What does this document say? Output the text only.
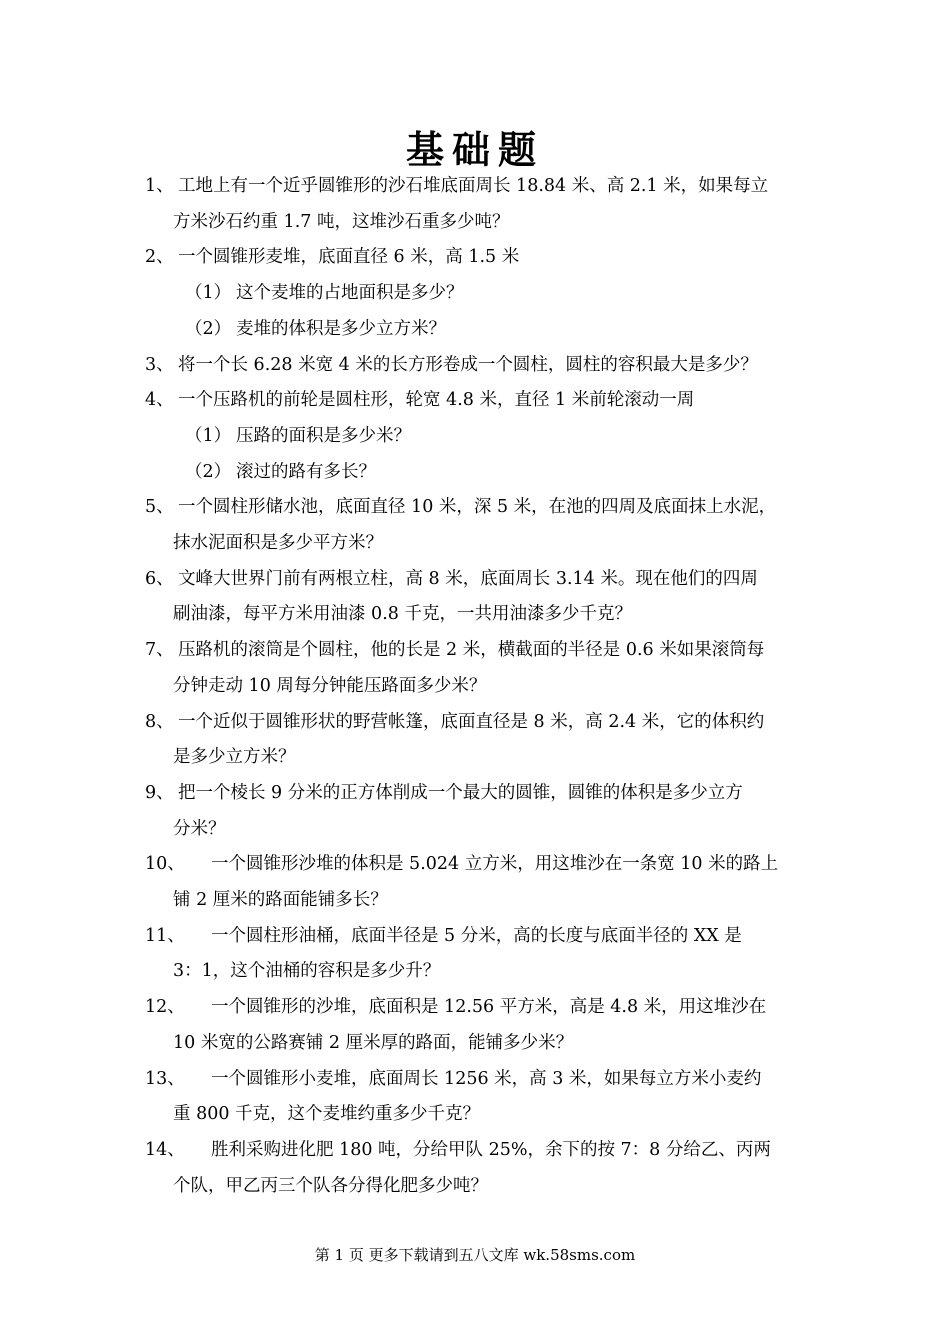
基础题
1、 工地上有一个近乎圆锥形的沙石堆底面周长 18.84 米、高 2.1 米，如果每立
方米沙石约重 1.7 吨，这堆沙石重多少吨？
2、 一个圆锥形麦堆，底面直径 6 米，高 1.5 米
（1） 这个麦堆的占地面积是多少？
（2） 麦堆的体积是多少立方米？
3、 将一个长 6.28 米宽 4 米的长方形卷成一个圆柱，圆柱的容积最大是多少？
4、 一个压路机的前轮是圆柱形，轮宽 4.8 米，直径 1 米前轮滚动一周
（1） 压路的面积是多少米？
（2） 滚过的路有多长？
5、 一个圆柱形储水池，底面直径 10 米，深 5 米，在池的四周及底面抹上水泥，
抹水泥面积是多少平方米？
6、 文峰大世界门前有两根立柱，高 8 米，底面周长 3.14 米。现在他们的四周
刷油漆，每平方米用油漆 0.8 千克，一共用油漆多少千克？
7、 压路机的滚筒是个圆柱，他的长是 2 米，横截面的半径是 0.6 米如果滚筒每
分钟走动 10 周每分钟能压路面多少米？
8、 一个近似于圆锥形状的野营帐篷，底面直径是 8 米，高 2.4 米，它的体积约
是多少立方米？
9、 把一个棱长 9 分米的正方体削成一个最大的圆锥，圆锥的体积是多少立方
分米？
10、 一个圆锥形沙堆的体积是 5.024 立方米，用这堆沙在一条宽 10 米的路上
铺 2 厘米的路面能铺多长？
11、 一个圆柱形油桶，底面半径是 5 分米，高的长度与底面半径的 XX 是
3：1，这个油桶的容积是多少升？
12、 一个圆锥形的沙堆，底面积是 12.56 平方米，高是 4.8 米，用这堆沙在
10 米宽的公路赛铺 2 厘米厚的路面，能铺多少米？
13、 一个圆锥形小麦堆，底面周长 1256 米，高 3 米，如果每立方米小麦约
重 800 千克，这个麦堆约重多少千克？
14、 胜利采购进化肥 180 吨，分给甲队 25%，余下的按 7：8 分给乙、丙两
个队，甲乙丙三个队各分得化肥多少吨？
第 1 页 更多下载请到五八文库 wk.58sms.com
